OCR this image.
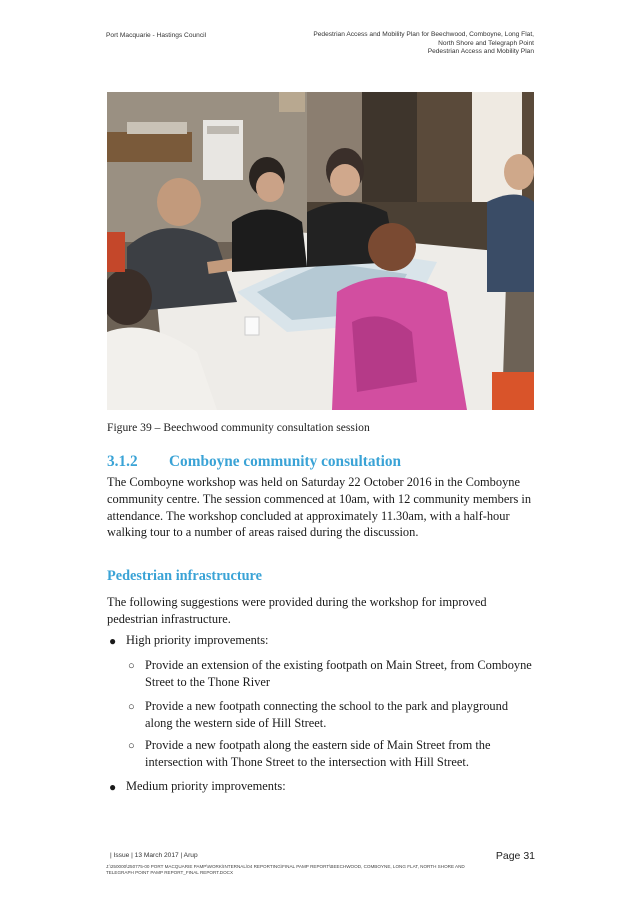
Port Macquarie - Hastings Council	Pedestrian Access and Mobility Plan for Beechwood, Comboyne, Long Flat,
North Shore and Telegraph Point
Pedestrian Access and Mobility Plan
Figure 39 – Beechwood community consultation session
3.1.2 Comboyne community consultation

The Comboyne workshop was held on Saturday 22 October 2016 in the Comboyne community centre. The session commenced at 10am, with 12 community members in attendance. The workshop concluded at approximately 11.30am, with a half-hour walking tour to a number of areas raised during the discussion.

Pedestrian infrastructure

The following suggestions were provided during the workshop for improved pedestrian infrastructure.

● High priority improvements:
○ Provide an extension of the existing footpath on Main Street, from Comboyne Street to the Thone River
○ Provide a new footpath connecting the school to the park and playground along the western side of Hill Street.
○ Provide a new footpath along the eastern side of Main Street from the intersection with Thone Street to the intersection with Hill Street.
● Medium priority improvements:
| Issue | 13 March 2017 | Arup	Page 31
J:\250000\250775-00 PORT MACQUARIE PAMP\WORK\INTERNAL\04 REPORTING\FINAL PAMP REPORT\BEECHWOOD, COMBOYNE, LONG FLAT, NORTH SHORE AND
TELEGRAPH POINT PAMP REPORT_FINAL REPORT.DOCX
